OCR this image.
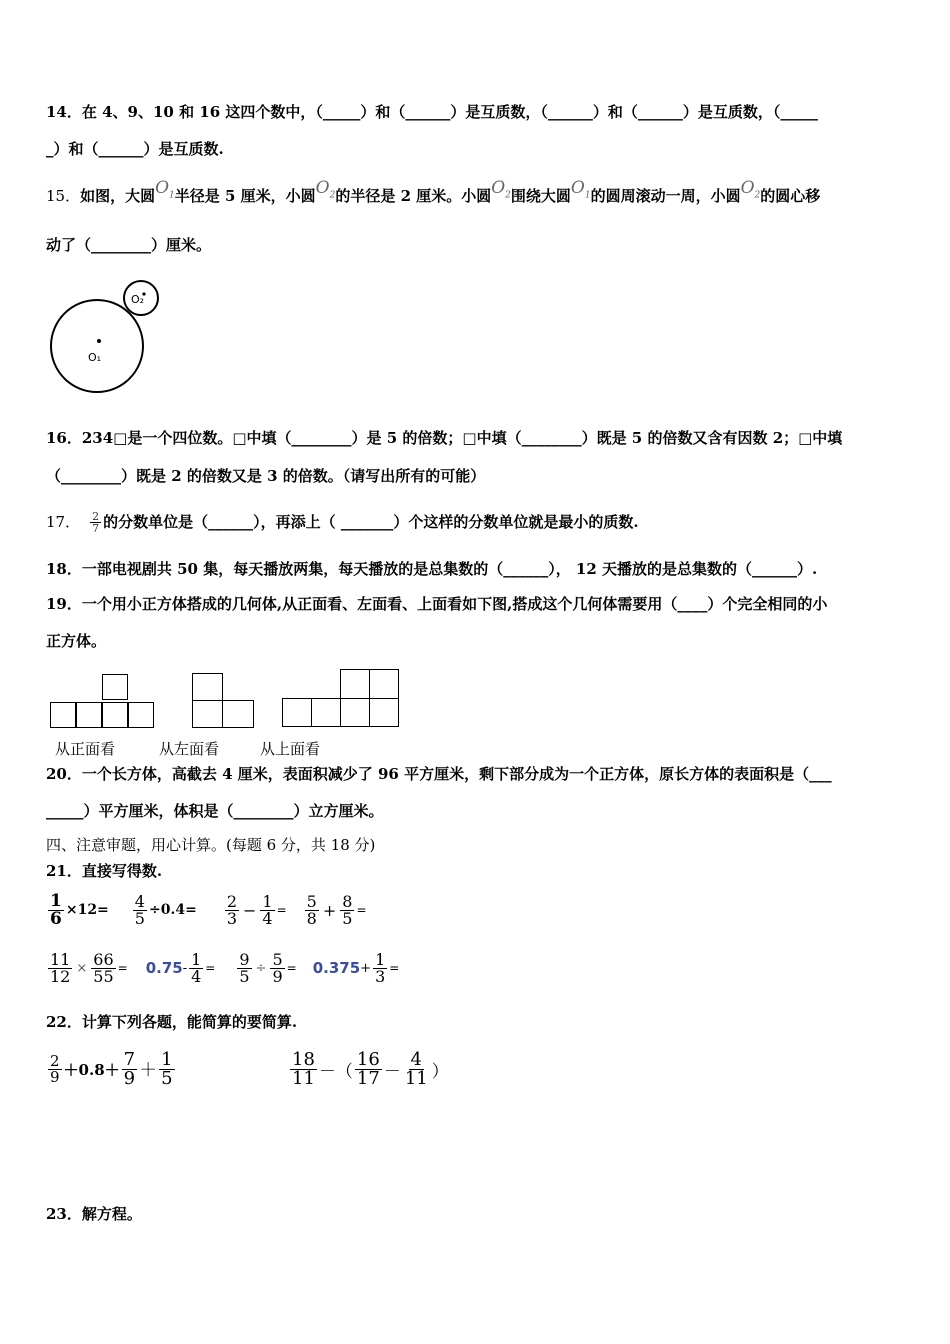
14．在 4、9、10 和 16 这四个数中，（_____）和（______）是互质数，（______）和（______）是互质数，（_____
_）和（______）是互质数.
15．如图，大圆$O_1$半径是 5 厘米，小圆$O_2$的半径是 2 厘米。小圆$O_2$围绕大圆$O_1$的圆周滚动一周，小圆$O_2$的圆心移
动了（________）厘米。
O₁
O₂
16．234□是一个四位数。□中填（________）是 5 的倍数；□中填（________）既是 5 的倍数又含有因数 2；□中填
（________）既是 2 的倍数又是 3 的倍数。（请写出所有的可能）
17． $\frac{2}{7}$ 的分数单位是（______），再添上（ _______）个这样的分数单位就是最小的质数.
18．一部电视剧共 50 集，每天播放两集，每天播放的是总集数的（______）， 12 天播放的是总集数的（______）.
19．一个用小正方体搭成的几何体,从正面看、左面看、上面看如下图,搭成这个几何体需要用（____）个完全相同的小
正方体。
从正面看	从左面看	从上面看
20．一个长方体，高截去 4 厘米，表面积减少了 96 平方厘米，剩下部分成为一个正方体，原长方体的表面积是（___
_____）平方厘米，体积是（________）立方厘米。
四、注意审题，用心计算。(每题 6 分，共 18 分)
21．直接写得数.
$\frac{1}{6} \times 12= \frac{4}{5} \div 0.4= \frac{2}{3} - \frac{1}{4} = \frac{5}{8} + \frac{8}{5}$ =
$\frac{11}{12} \times \frac{66}{55} = 0.75 - \frac{1}{4} = \frac{9}{5} \div \frac{5}{9} = 0.375 + \frac{1}{3}$ =
22．计算下列各题，能简算的要简算.
$\frac{2}{9} +0.8+ \frac{7}{9} + \frac{1}{5}$	$\frac{18}{11}$ －（ $\frac{16}{17} - \frac{4}{11}$ ）
23．解方程。
